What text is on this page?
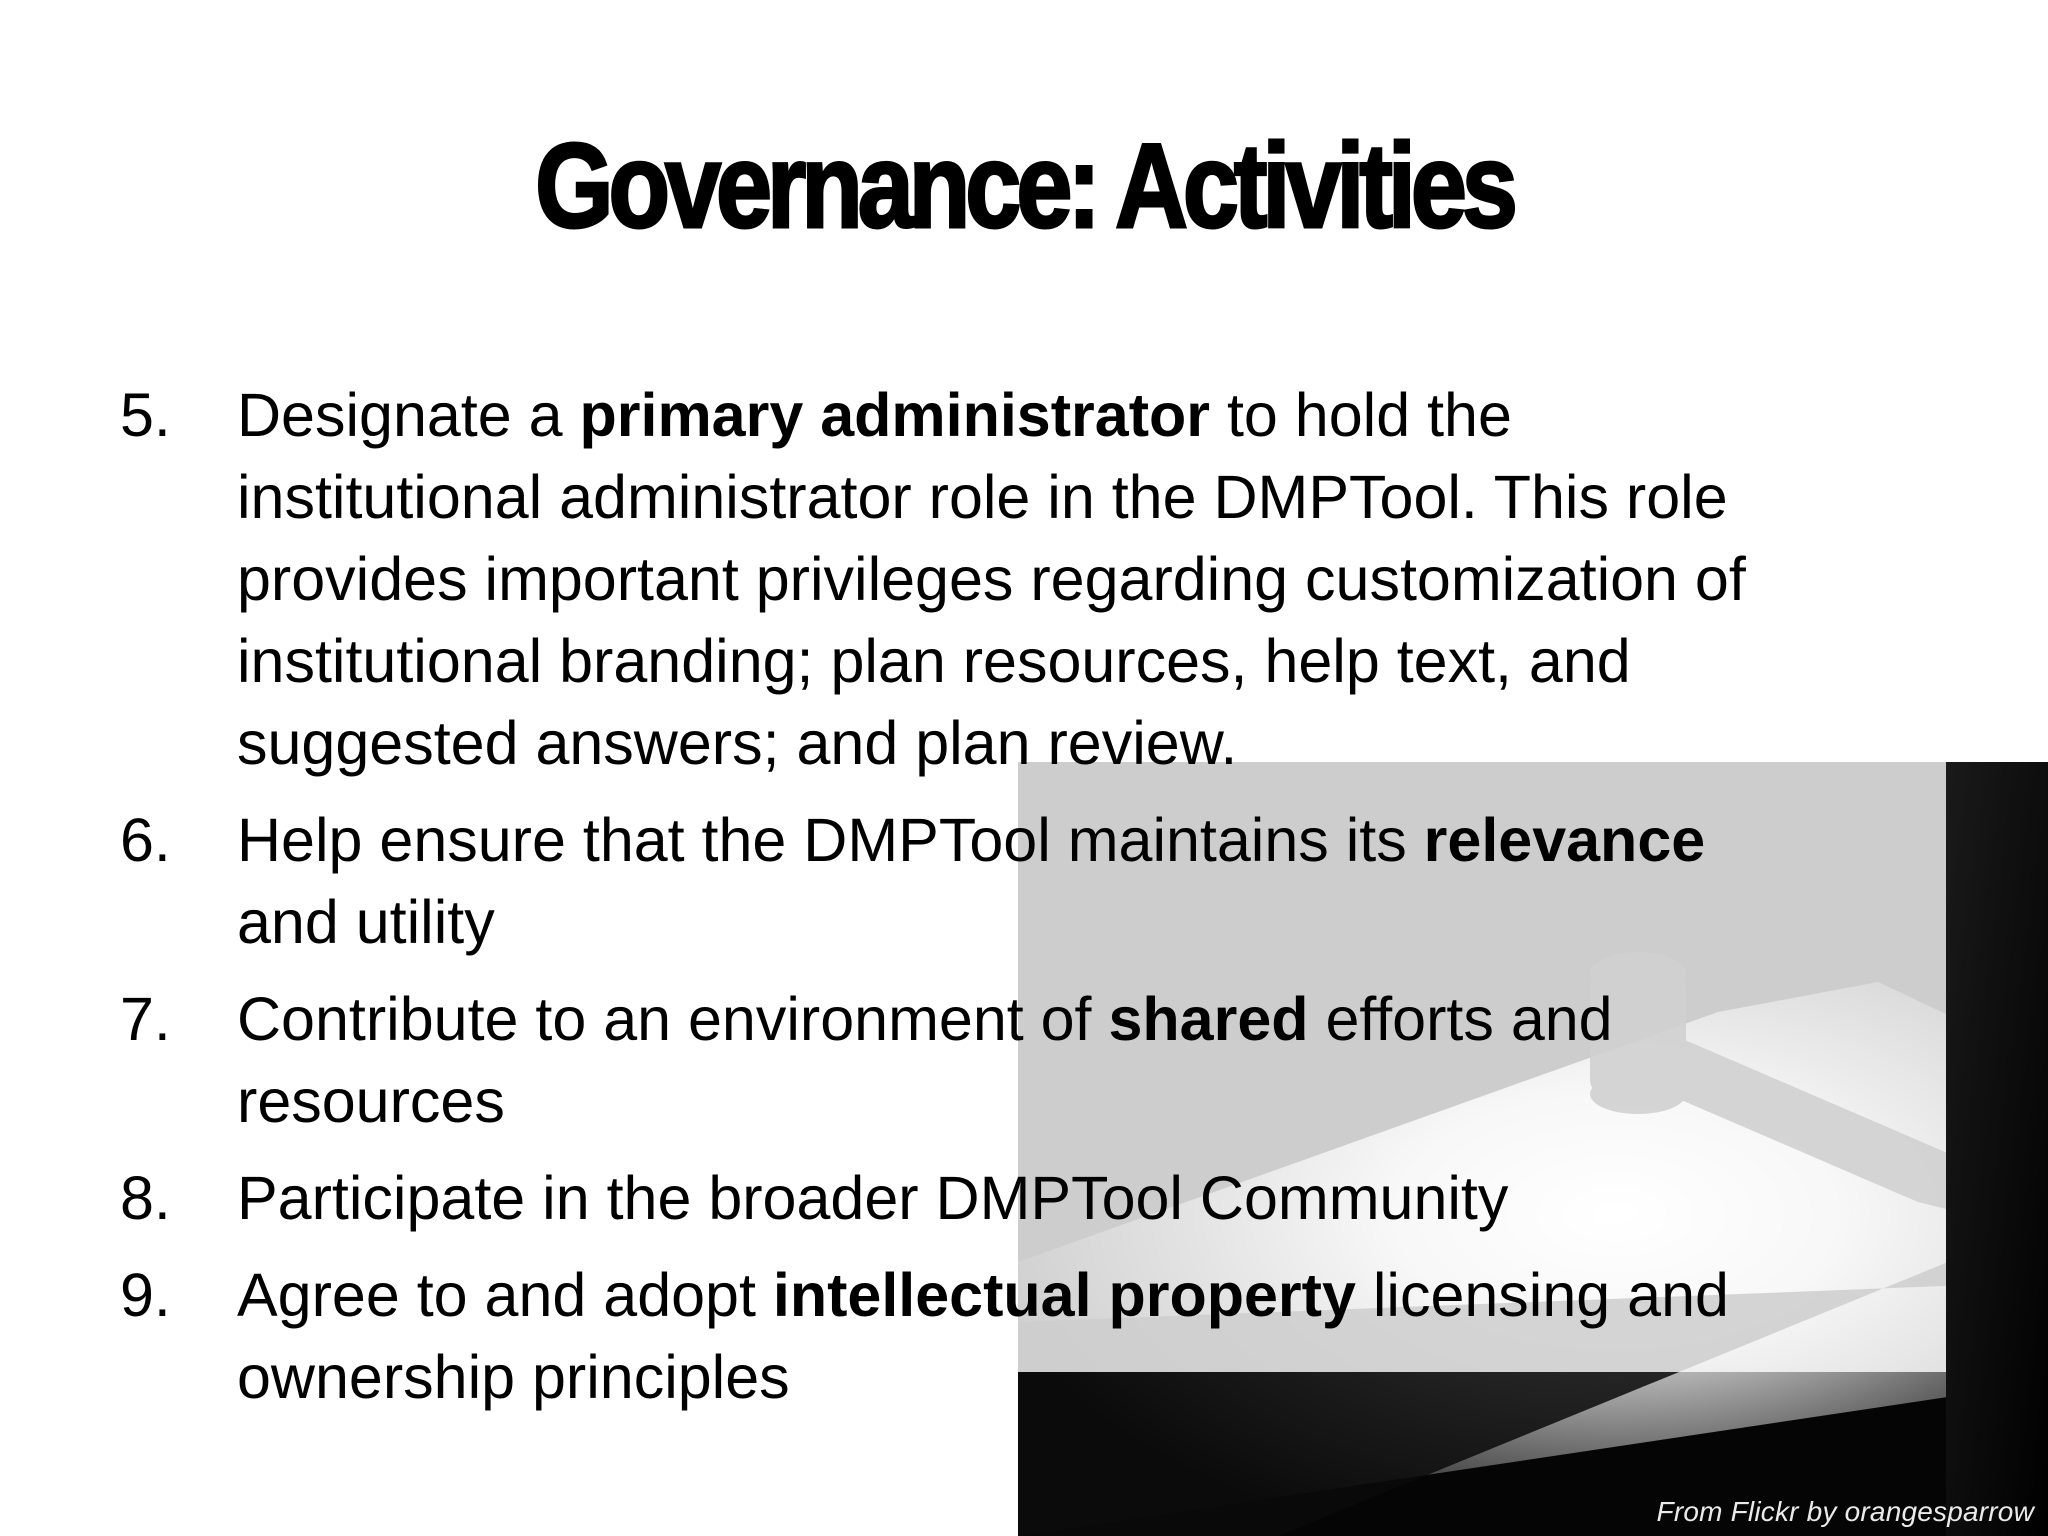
From Flickr by orangesparrow
Governance: Activities
5. Designate a primary administrator to hold the institutional administrator role in the DMPTool. This role provides important privileges regarding customization of institutional branding; plan resources, help text, and suggested answers; and plan review.
6. Help ensure that the DMPTool maintains its relevance and utility
7. Contribute to an environment of shared efforts and resources
8. Participate in the broader DMPTool Community
9. Agree to and adopt intellectual property licensing and ownership principles
